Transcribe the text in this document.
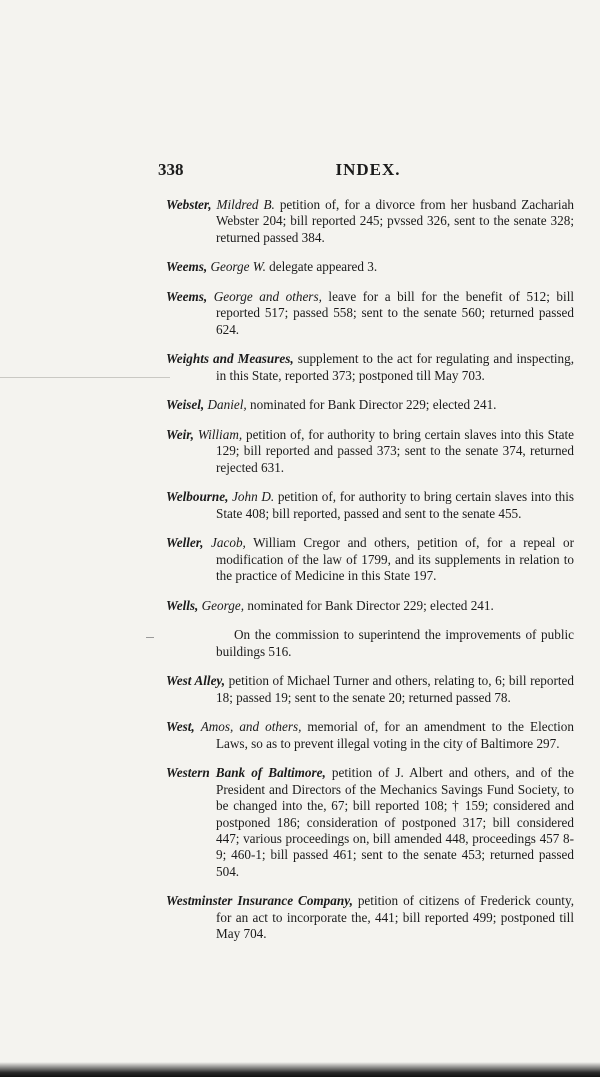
338	INDEX.

Webster, Mildred B. petition of, for a divorce from her husband Zachariah Webster 204; bill reported 245; pvssed 326, sent to the senate 328; returned passed 384.

Weems, George W. delegate appeared 3.

Weems, George and others, leave for a bill for the benefit of 512; bill reported 517; passed 558; sent to the senate 560; returned passed 624.

Weights and Measures, supplement to the act for regulating and inspecting, in this State, reported 373; postponed till May 703.

Weisel, Daniel, nominated for Bank Director 229; elected 241.

Weir, William, petition of, for authority to bring certain slaves into this State 129; bill reported and passed 373; sent to the senate 374, returned rejected 631.

Welbourne, John D. petition of, for authority to bring certain slaves into this State 408; bill reported, passed and sent to the senate 455.

Weller, Jacob, William Cregor and others, petition of, for a repeal or modification of the law of 1799, and its supplements in relation to the practice of Medicine in this State 197.

Wells, George, nominated for Bank Director 229; elected 241.

On the commission to superintend the improvements of public buildings 516.

West Alley, petition of Michael Turner and others, relating to, 6; bill reported 18; passed 19; sent to the senate 20; returned passed 78.

West, Amos, and others, memorial of, for an amendment to the Election Laws, so as to prevent illegal voting in the city of Baltimore 297.

Western Bank of Baltimore, petition of J. Albert and others, and of the President and Directors of the Mechanics Savings Fund Society, to be changed into the, 67; bill reported 108; † 159; considered and postponed 186; consideration of postponed 317; bill considered 447; various proceedings on, bill amended 448, proceedings 457 8-9; 460-1; bill passed 461; sent to the senate 453; returned passed 504.

Westminster Insurance Company, petition of citizens of Frederick county, for an act to incorporate the, 441; bill reported 499; postponed till May 704.
